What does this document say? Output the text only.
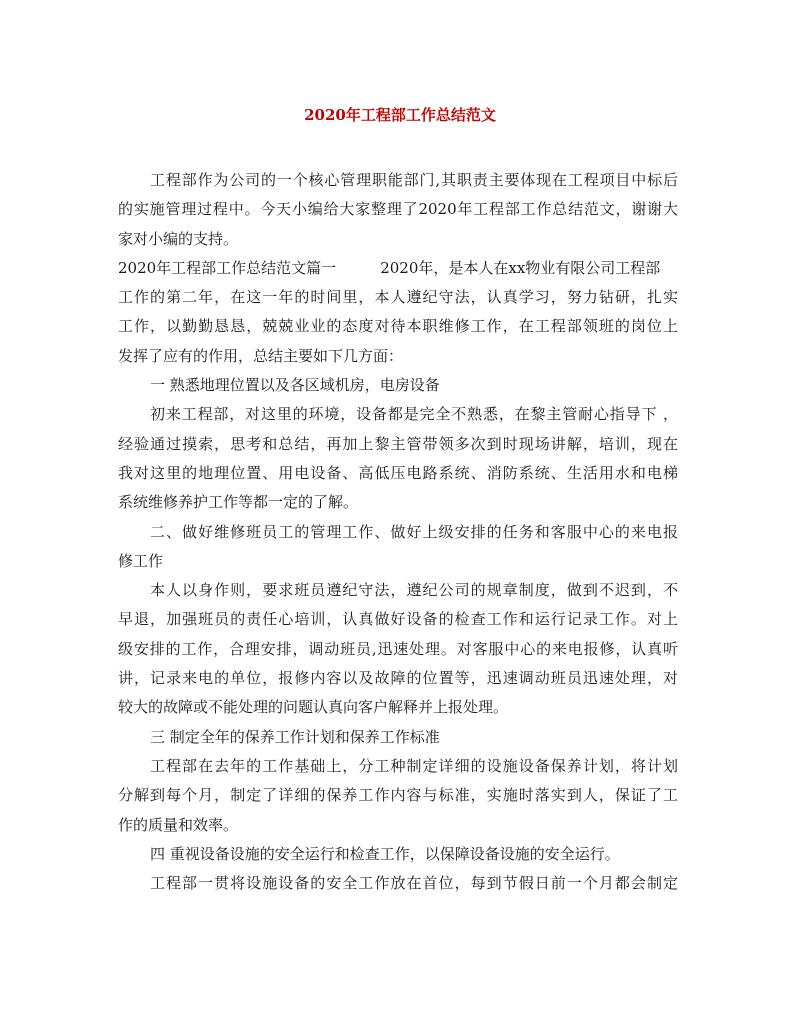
2020年工程部工作总结范文
工程部作为公司的一个核心管理职能部门,其职责主要体现在工程项目中标后
的实施管理过程中。今天小编给大家整理了2020年工程部工作总结范文，谢谢大
家对小编的支持。
2020年工程部工作总结范文篇一	2020年，是本人在xx物业有限公司工程部
工作的第二年，在这一年的时间里，本人遵纪守法，认真学习，努力钻研，扎实
工作，以勤勤恳恳，兢兢业业的态度对待本职维修工作，在工程部领班的岗位上
发挥了应有的作用，总结主要如下几方面：
一 熟悉地理位置以及各区域机房，电房设备
初来工程部，对这里的环境，设备都是完全不熟悉，在黎主管耐心指导下 ，
经验通过摸索，思考和总结，再加上黎主管带领多次到时现场讲解，培训，现在
我对这里的地理位置、用电设备、高低压电路系统、消防系统、生活用水和电梯
系统维修养护工作等都一定的了解。
二、做好维修班员工的管理工作、做好上级安排的任务和客服中心的来电报
修工作
本人以身作则，要求班员遵纪守法，遵纪公司的规章制度，做到不迟到，不
早退，加强班员的责任心培训，认真做好设备的检查工作和运行记录工作。对上
级安排的工作，合理安排，调动班员,迅速处理。对客服中心的来电报修，认真听
讲，记录来电的单位，报修内容以及故障的位置等，迅速调动班员迅速处理，对
较大的故障或不能处理的问题认真向客户解释并上报处理。
三 制定全年的保养工作计划和保养工作标准
工程部在去年的工作基础上，分工种制定详细的设施设备保养计划，将计划
分解到每个月，制定了详细的保养工作内容与标准，实施时落实到人，保证了工
作的质量和效率。
四 重视设备设施的安全运行和检查工作，以保障设备设施的安全运行。
工程部一贯将设施设备的安全工作放在首位，每到节假日前一个月都会制定
